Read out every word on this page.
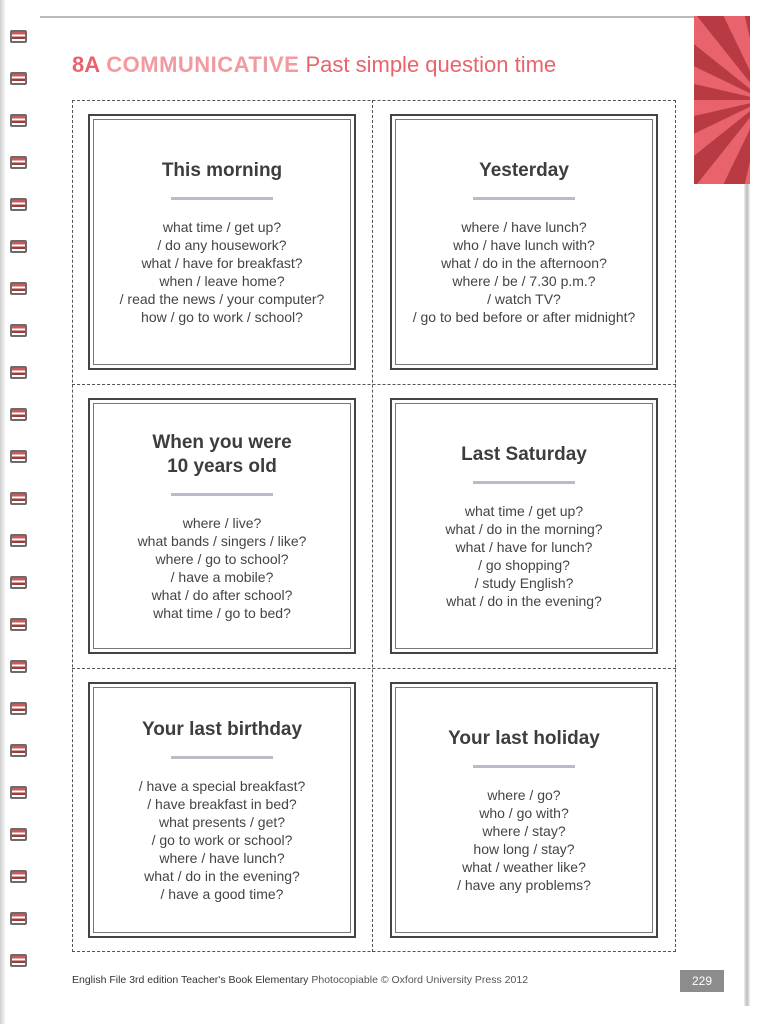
8A COMMUNICATIVE Past simple question time
This morning
what time / get up?
/ do any housework?
what / have for breakfast?
when / leave home?
/ read the news / your computer?
how / go to work / school?
Yesterday
where / have lunch?
who / have lunch with?
what / do in the afternoon?
where / be / 7.30 p.m.?
/ watch TV?
/ go to bed before or after midnight?
When you were
10 years old
where / live?
what bands / singers / like?
where / go to school?
/ have a mobile?
what / do after school?
what time / go to bed?
Last Saturday
what time / get up?
what / do in the morning?
what / have for lunch?
/ go shopping?
/ study English?
what / do in the evening?
Your last birthday
/ have a special breakfast?
/ have breakfast in bed?
what presents / get?
/ go to work or school?
where / have lunch?
what / do in the evening?
/ have a good time?
Your last holiday
where / go?
who / go with?
where / stay?
how long / stay?
what / weather like?
/ have any problems?
English File 3rd edition Teacher's Book Elementary Photocopiable © Oxford University Press 2012	229
